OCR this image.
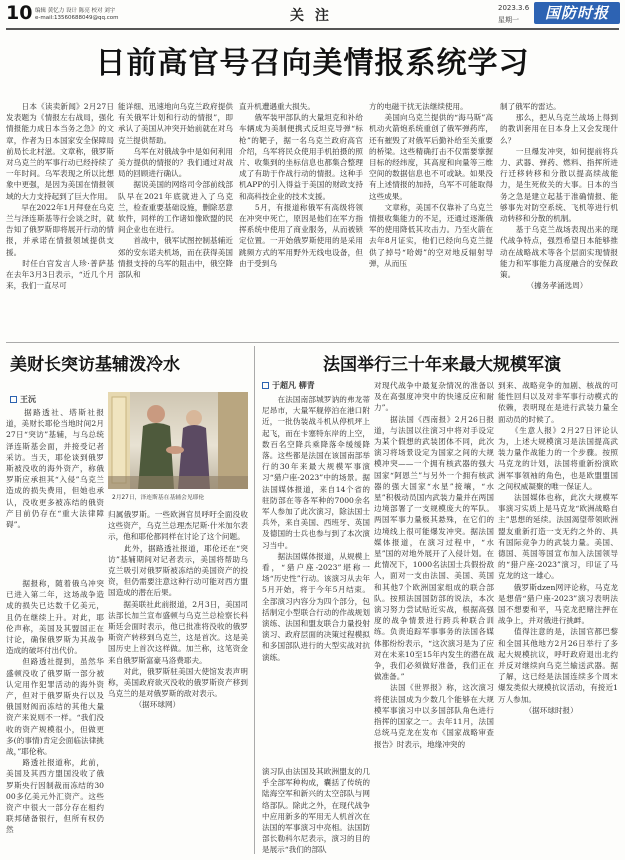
10 编辑 黄忆力 设计 陈亮 校对 刘宇
e-mail:13560688049@qq.com	关 注	2023.3.6
星期一	国防时报
日前高官号召向美情报系统学习
　　日本《读卖新闻》2月27日发表题为《情报左右战局，强化情报能力成日本当务之急》的文章，作者为日本国家安全保障局前局长北村滋。文章称，俄罗斯对乌克兰的军事行动已经持续了一年时间。乌军表现之所以比想象中更强，是因为美国在情报领域的大力支持起到了巨大作用。
　　早在2022年1月拜登在乌克兰与泽连斯基等行会谈之时，就告知了俄罗斯即将展开行动的情报，并承诺在情报领域提供支援。
　　时任白宫发言人珍·普萨基在去年3月3日表示，“近几个月来，我们一直尽可
能详细、迅速地向乌克兰政府提供有关俄军计划和行动的情报”，即承认了美国从冲突开始前就在对乌克兰提供帮助。
　　乌军在对俄战争中是如何利用美方提供的情报的？我们通过对战局的回顾进行确认。
　　据说美国的网络司令部前线部队早在2021年底就进入了乌克兰，检查重要基础设施，删除恶意软件，同样的工作诸如像欧盟的民间企业也在进行。
　　首战中，俄军试图控制基辅近郊的安东诺夫机场，而在获得美国情报支持的乌军的阻击中，俄空降部队和
直升机遭遇重大损失。
　　俄军装甲部队的大量坦克和补给车辆成为美制便携式反坦克导弹“标枪”的靶子，据一名乌克兰政府高官介绍，乌军将民众使用手机拍摄的照片、收集到的坐标信息也都集合整理成了有助于作战行动的情报。这种手机APP的引入得益于美国的财政支持和高科技企业的技术支援。
　　5月，有报道称俄军有高级将领在冲突中死亡，原因是他们在军方指挥系统中使用了商业服务，从而被锁定位置。一开始俄罗斯使用的是采用跳频方式的军用野外无线电设备，但由于受到乌
方的电磁干扰无法继续使用。
　　美国向乌克兰提供的“海马斯”高机动火箭炮系统重创了俄军弹药库，还有摧毁了对俄军后勤补给至关重要的桥梁。这些精确打击不仅需要掌握目标的经纬度，其高度和向量等三维空间的数据信息也不可或缺。如果没有上述情报的加持，乌军不可能取得这些成果。
　　文章称，美国不仅靠补了乌克兰情报收集能力的不足，还通过逐渐俄军的使用降低其攻击力。乃至火箭在去年8月证实，他们已经向乌克兰提供了掉号“哈姆”的空对地反辐射导弹，从而压
制了俄军的雷达。
　　那么，把从乌克兰战场上得到的教训套用在日本身上又会发现什么？
　　一旦爆发冲突，如何提前将兵力、武器、弹药、燃料、指挥所进行迁移转移和分散以提高续战能力，是生死攸关的大事。日本的当务之急是建立起基于准确情报、能够事先对防空系统、飞机等进行机动转移和分散的机制。
　　基于乌克兰战场表现出来的现代战争特点，强烈希望日本能够推动在战略战术等各个层面实现情报能力和军事能力高度融合的安保政策。
　　　　（據务孝涌选周）
美财长突访基辅泼冷水
王沅
2月27日，泽连斯基在基辅会见耶伦
　　据路透社、塔斯社报道，美财长耶伦当地时间2月27日“突访”基辅，与乌总统泽连斯基会面，并接受记者采访。当天，耶伦谈到俄罗斯被没收的海外资产，称俄罗斯应承担其“入侵”乌克兰造成的损失费用，但她也承认，没收更多被冻结的俄资产目前仍存在“重大法律障碍”。
　　据报称，随着俄乌冲突已进入第二年，这场战争造成的损失已达数千亿美元，且仍在继续上升。对此，耶伦声称，美国及其盟国正在讨论，确保俄罗斯为其战争造成的破坏付出代价。
　　但路透社提到，虽然华盛顿没收了俄罗斯一部分被认定用作犯罪活动的海外资产，但对于俄罗斯央行以及俄国财阀而冻结的其他大量资产来说则不一样。“我们没收的资产规模很小，但做更多(的事情)肯定会面临法律挑战，”耶伦称。
　　路透社报道称，此前，美国及其西方盟国没收了俄罗斯央行因制裁而冻结的3000多亿美元外汇资产。这些资产中很大一部分存在相约联邦储备银行，但所有权仍然
归属俄罗斯。一些欧洲官员呼吁全面没收这些资产，乌克兰总理杰尼斯·什米加尔表示，他和耶伦都同样在讨论了这个问题。
　　此外，据路透社报道，耶伦还在“突访”基辅期间对记者表示，美国将帮助乌克兰吸引对俄罗斯被冻结的美国资产的投资，但仍需要注意这种行动可能对西方盟国造成的潜在后果。
　　据美联社此前报道，2月3日，美国司法部长加兰宣布盛顿与乌克兰总检察长科斯廷会面时表示，他已批准将没收的俄罗斯资产转移到乌克兰，这是首次。这是美国历史上首次这样做。加兰称，这笔资金来自俄罗斯富豪马洛费耶夫。
　　对此，俄罗斯驻美国大使馆发表声明称，美国政府欲灭没收的俄罗斯资产移到乌克兰的是对俄罗斯的敌对表示。
　　　　（据环球网）
法国举行三十年来最大规模军演
于超凡 柳青
　　在法国南部城罗讷的弗龙蒂尼昂市，大量军舰停泊在港口附近，一批伪装战斗机从停机坪上起飞，而在卡塞特东岸的上空，数百名空降兵乘降落伞缓缓降落。这些都是法国在该国南部举行的30年来最大规模军事演习“猎户座-2023”中的场景。据法国媒体报道，来自14个省的驻防部在等各军种的7000余名军人参加了此次演习，除法国士兵外，来自美国、西班牙、英国及德国的士兵也参与到了本次演习当中。
　　据法国媒体报道，从规模上看，“猎户座-2023”堪称一场“历史性”行动。该演习从去年5月开始，将于今年5月结束。全部演习内容分为四个部分，包括制定小型联合行动的作战规划演练、法国和盟友联合力量投射演习、政府层面的决策过程模拟和多国部队进行的大型实战对抗演练。
演习队由法国及其欧洲盟友的几乎全部军种构成，囊括了传统的陆海空军和新兴的太空部队与网络部队。除此之外，在现代战争中应用新多的军用无人机首次在法国的军事演习中亮相。法国防部长勒科尔尼表示，演习的目的是展示“我们的部队
对现代战争中最复杂情况的准备以及在高强度冲突中的快速反应和耐力”。
　　据法国《西南报》2月26日报道，与法国以往演习中将对手设定为某个假想的武装团体不同，此次演习将场景设定为国家之间的大规模冲突——一个拥有核武器的强大国家“阿恩兰”与另外一个拥有核武器的强大国家“水星”接壤，“水星”积极动员国内武装力量并在两国边境部署了一支规模庞大的军队。两国军事力量极其悬殊，在它们的边境线上很可能爆发冲突。据法国媒体报道，在演习过程中，“水星”国的对地外展开了入侵计划。在此情况下，1000名法国士兵假扮敌人，面对一支由法国、美国、英国和其他7个欧洲国家组成的联合部队。按照法国国防部的说法，本次演习努力尝试贴近实战，根据高强度的战争情景进行跨兵种联合训练。负责追踪军事事务的法国各媒体都纷纷表示，“这次演习是为了应对在未来10至15年内发生的潜在战争，我们必须做好准备，我们正在做准备。”
　　法国《世界报》称，这次演习将使法国成为少数几个能够在大规模军事演习中以多国部队角色进行指挥的国家之一。去年11月，法国总统马克龙在发布《国家战略审查报告》时表示，地缘冲突的
到来、战略竞争的加剧、核战的可能性回归以及对非军事行动模式的依赖，表明现在是进行武装力量全面动员的时候了。
　　《生意人报》2月27日评论认为，上述大规模演习是法国提高武装力量作战能力的一个步骤。按照马克龙的计划，法国将重新扮演欧洲军事领袖的角色，也是欧盟盟国之间权威凝聚的唯一保证人。
　　法国媒体也称，此次大规模军事演习实质上是马克龙“欧洲战略自主”思想的延续。法国渴望带领欧洲盟友重新打造一支无约之外的、具有国际竞争力的武装力量。美国、德国、英国等国宣布加入法国领导的“猎户座-2023”演习，印证了马克龙的这一雄心。
　　俄罗斯dzen网评论称，马克龙是想借“猎户座-2023”演习表明法国不想要和平，马克龙把赌注押在战争上，并对俄进行挑衅。
　　值得注意的是，法国官都巴黎和全国其他地方2月26日举行了多起大规模抗议，呼吁政府退出北约并反对继续向乌克兰输送武器。据了解，这已经是法国连续多个周末爆发类似大规模抗议活动，有接近1万人参加。
　　　　（据环球时报）
